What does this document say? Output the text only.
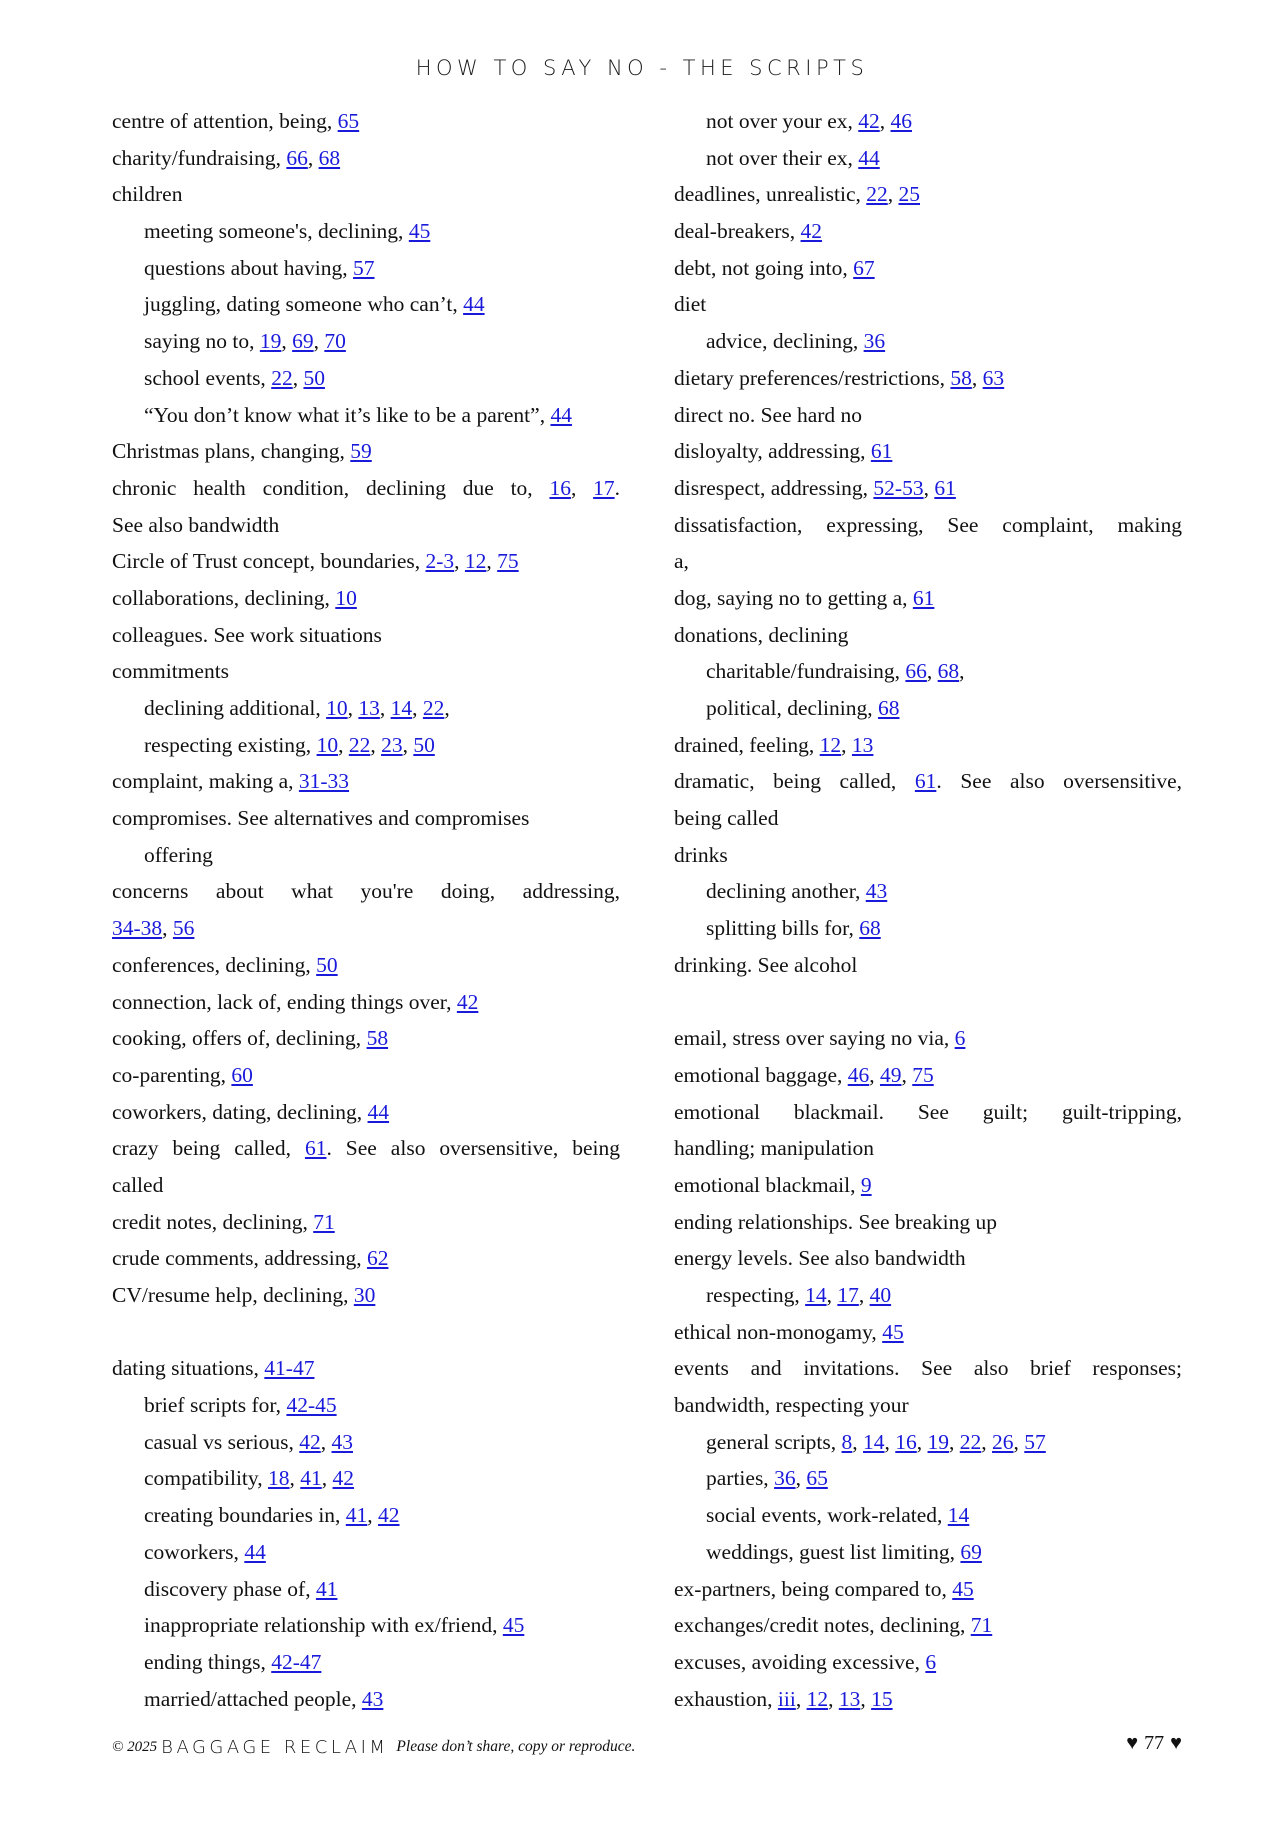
HOW TO SAY NO - THE SCRIPTS
centre of attention, being, 65
charity/fundraising, 66, 68
children
meeting someone's, declining, 45
questions about having, 57
juggling, dating someone who can’t, 44
saying no to, 19, 69, 70
school events, 22, 50
“You don’t know what it’s like to be a parent”, 44
Christmas plans, changing, 59
chronic health condition, declining due to, 16, 17.
See also bandwidth
Circle of Trust concept, boundaries, 2-3, 12, 75
collaborations, declining, 10
colleagues. See work situations
commitments
declining additional, 10, 13, 14, 22,
respecting existing, 10, 22, 23, 50
complaint, making a, 31-33
compromises. See alternatives and compromises
offering
concerns about what you're doing, addressing,
34-38, 56
conferences, declining, 50
connection, lack of, ending things over, 42
cooking, offers of, declining, 58
co-parenting, 60
coworkers, dating, declining, 44
crazy being called, 61. See also oversensitive, being
called
credit notes, declining, 71
crude comments, addressing, 62
CV/resume help, declining, 30

dating situations, 41-47
brief scripts for, 42-45
casual vs serious, 42, 43
compatibility, 18, 41, 42
creating boundaries in, 41, 42
coworkers, 44
discovery phase of, 41
inappropriate relationship with ex/friend, 45
ending things, 42-47
married/attached people, 43
not over your ex, 42, 46
not over their ex, 44
deadlines, unrealistic, 22, 25
deal-breakers, 42
debt, not going into, 67
diet
advice, declining, 36
dietary preferences/restrictions, 58, 63
direct no. See hard no
disloyalty, addressing, 61
disrespect, addressing, 52-53, 61
dissatisfaction, expressing, See complaint, making
a,
dog, saying no to getting a, 61
donations, declining
charitable/fundraising, 66, 68,
political, declining, 68
drained, feeling, 12, 13
dramatic, being called, 61. See also oversensitive,
being called
drinks
declining another, 43
splitting bills for, 68
drinking. See alcohol

email, stress over saying no via, 6
emotional baggage, 46, 49, 75
emotional blackmail. See guilt; guilt-tripping,
handling; manipulation
emotional blackmail, 9
ending relationships. See breaking up
energy levels. See also bandwidth
respecting, 14, 17, 40
ethical non-monogamy, 45
events and invitations. See also brief responses;
bandwidth, respecting your
general scripts, 8, 14, 16, 19, 22, 26, 57
parties, 36, 65
social events, work-related, 14
weddings, guest list limiting, 69
ex-partners, being compared to, 45
exchanges/credit notes, declining, 71
excuses, avoiding excessive, 6
exhaustion, iii, 12, 13, 15
© 2025 BAGGAGE RECLAIM Please don’t share, copy or reproduce.	♥ 77 ♥
